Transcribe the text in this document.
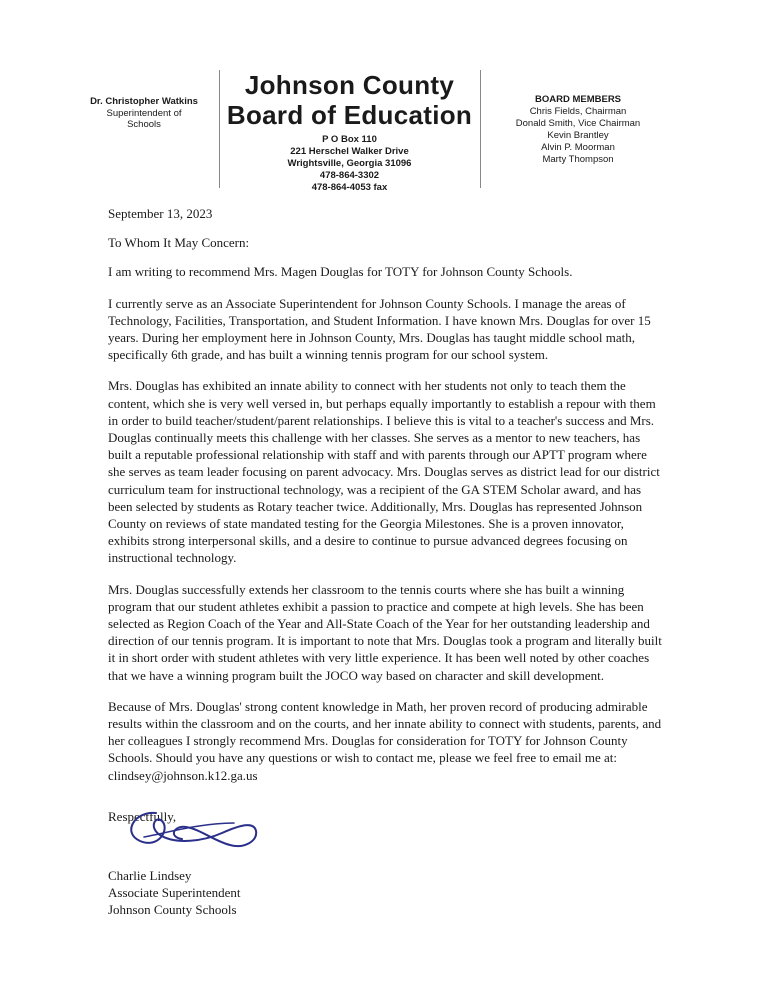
Dr. Christopher Watkins
Superintendent of
Schools
Johnson County
Board of Education
P O Box 110
221 Herschel Walker Drive
Wrightsville, Georgia 31096
478-864-3302
478-864-4053 fax
BOARD MEMBERS
Chris Fields, Chairman
Donald Smith, Vice Chairman
Kevin Brantley
Alvin P. Moorman
Marty Thompson
September 13, 2023
To Whom It May Concern:

I am writing to recommend Mrs. Magen Douglas for TOTY for Johnson County Schools.

I currently serve as an Associate Superintendent for Johnson County Schools. I manage the areas of Technology, Facilities, Transportation, and Student Information. I have known Mrs. Douglas for over 15 years. During her employment here in Johnson County, Mrs. Douglas has taught middle school math, specifically 6th grade, and has built a winning tennis program for our school system.

Mrs. Douglas has exhibited an innate ability to connect with her students not only to teach them the content, which she is very well versed in, but perhaps equally importantly to establish a repour with them in order to build teacher/student/parent relationships. I believe this is vital to a teacher's success and Mrs. Douglas continually meets this challenge with her classes. She serves as a mentor to new teachers, has built a reputable professional relationship with staff and with parents through our APTT program where she serves as team leader focusing on parent advocacy. Mrs. Douglas serves as district lead for our district curriculum team for instructional technology, was a recipient of the GA STEM Scholar award, and has been selected by students as Rotary teacher twice. Additionally, Mrs. Douglas has represented Johnson County on reviews of state mandated testing for the Georgia Milestones. She is a proven innovator, exhibits strong interpersonal skills, and a desire to continue to pursue advanced degrees focusing on instructional technology.

Mrs. Douglas successfully extends her classroom to the tennis courts where she has built a winning program that our student athletes exhibit a passion to practice and compete at high levels. She has been selected as Region Coach of the Year and All-State Coach of the Year for her outstanding leadership and direction of our tennis program. It is important to note that Mrs. Douglas took a program and literally built it in short order with student athletes with very little experience. It has been well noted by other coaches that we have a winning program built the JOCO way based on character and skill development.

Because of Mrs. Douglas' strong content knowledge in Math, her proven record of producing admirable results within the classroom and on the courts, and her innate ability to connect with students, parents, and her colleagues I strongly recommend Mrs. Douglas for consideration for TOTY for Johnson County Schools. Should you have any questions or wish to contact me, please we feel free to email me at: clindsey@johnson.k12.ga.us

Respectfully,
Charlie Lindsey
Associate Superintendent
Johnson County Schools
